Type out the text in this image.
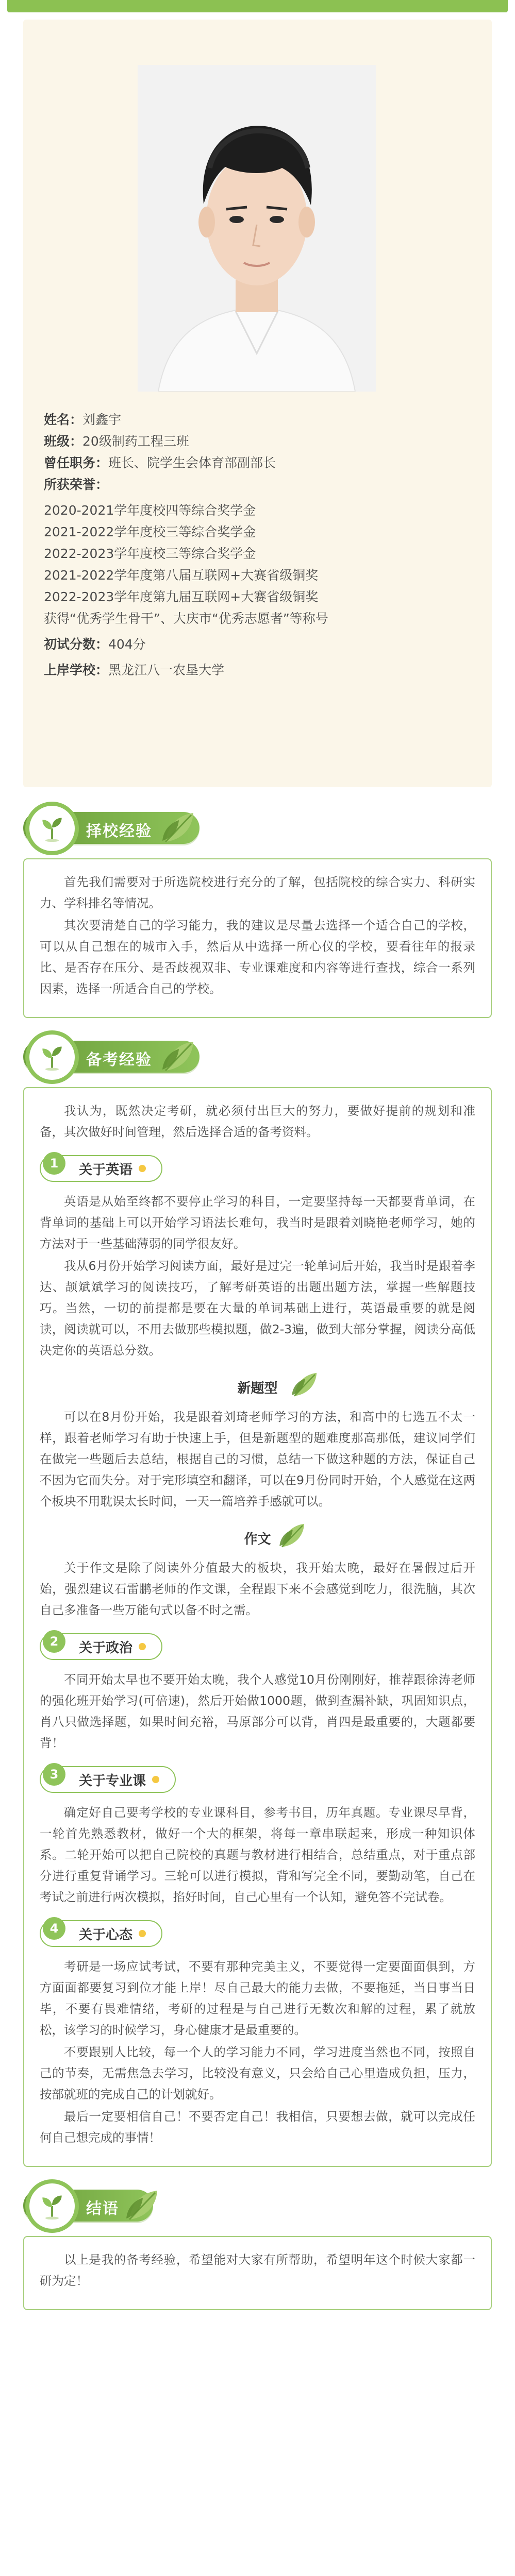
姓名：刘鑫宇
班级：20级制药工程三班
曾任职务：班长、院学生会体育部副部长
所获荣誉：
2020-2021学年度校四等综合奖学金
2021-2022学年度校三等综合奖学金
2022-2023学年度校三等综合奖学金
2021-2022学年度第八届互联网+大赛省级铜奖
2022-2023学年度第九届互联网+大赛省级铜奖
获得“优秀学生骨干”、大庆市“优秀志愿者”等称号
初试分数：404分
上岸学校：黑龙江八一农垦大学
择校经验

首先我们需要对于所选院校进行充分的了解，包括院校的综合实力、科研实力、学科排名等情况。

其次要清楚自己的学习能力，我的建议是尽量去选择一个适合自己的学校，可以从自己想在的城市入手，然后从中选择一所心仪的学校，要看往年的报录比、是否存在压分、是否歧视双非、专业课难度和内容等进行查找，综合一系列因素，选择一所适合自己的学校。

备考经验

我认为，既然决定考研，就必须付出巨大的努力，要做好提前的规划和准备，其次做好时间管理，然后选择合适的备考资料。

关于英语
1

英语是从始至终都不要停止学习的科目，一定要坚持每一天都要背单词，在背单词的基础上可以开始学习语法长难句，我当时是跟着刘晓艳老师学习，她的方法对于一些基础薄弱的同学很友好。

我从6月份开始学习阅读方面，最好是过完一轮单词后开始，我当时是跟着李达、颉斌斌学习的阅读技巧，了解考研英语的出题出题方法，掌握一些解题技巧。当然，一切的前提都是要在大量的单词基础上进行，英语最重要的就是阅读，阅读就可以，不用去做那些模拟题，做2-3遍，做到大部分掌握，阅读分高低决定你的英语总分数。

新题型

可以在8月份开始，我是跟着刘琦老师学习的方法，和高中的七选五不太一样，跟着老师学习有助于快速上手，但是新题型的题难度那高那低，建议同学们在做完一些题后去总结，根据自己的习惯，总结一下做这种题的方法，保证自己不因为它而失分。对于完形填空和翻译，可以在9月份同时开始，个人感觉在这两个板块不用耽误太长时间，一天一篇培养手感就可以。

作文

关于作文是除了阅读外分值最大的板块，我开始太晚，最好在暑假过后开始，强烈建议石雷鹏老师的作文课，全程跟下来不会感觉到吃力，很洗脑，其次自己多准备一些万能句式以备不时之需。

关于政治
2

不同开始太早也不要开始太晚，我个人感觉10月份刚刚好，推荐跟徐涛老师的强化班开始学习(可倍速)，然后开始做1000题，做到查漏补缺，巩固知识点，肖八只做选择题，如果时间充裕，马原部分可以背，肖四是最重要的，大题都要背！

关于专业课
3

确定好自己要考学校的专业课科目，参考书目，历年真题。专业课尽早背，一轮首先熟悉教材，做好一个大的框架，将每一章串联起来，形成一种知识体系。二轮开始可以把自己院校的真题与教材进行相结合，总结重点，对于重点部分进行重复背诵学习。三轮可以进行模拟，背和写完全不同，要勤动笔，自己在考试之前进行两次模拟，掐好时间，自己心里有一个认知，避免答不完试卷。

关于心态
4

考研是一场应试考试，不要有那种完美主义，不要觉得一定要面面俱到，方方面面都要复习到位才能上岸！尽自己最大的能力去做，不要拖延，当日事当日毕，不要有畏难情绪，考研的过程是与自己进行无数次和解的过程，累了就放松，该学习的时候学习，身心健康才是最重要的。

不要跟别人比较，每一个人的学习能力不同，学习进度当然也不同，按照自己的节奏，无需焦急去学习，比较没有意义，只会给自己心里造成负担，压力，按部就班的完成自己的计划就好。

最后一定要相信自己！不要否定自己！我相信，只要想去做，就可以完成任何自己想完成的事情！

结语

以上是我的备考经验，希望能对大家有所帮助，希望明年这个时候大家都一研为定！
